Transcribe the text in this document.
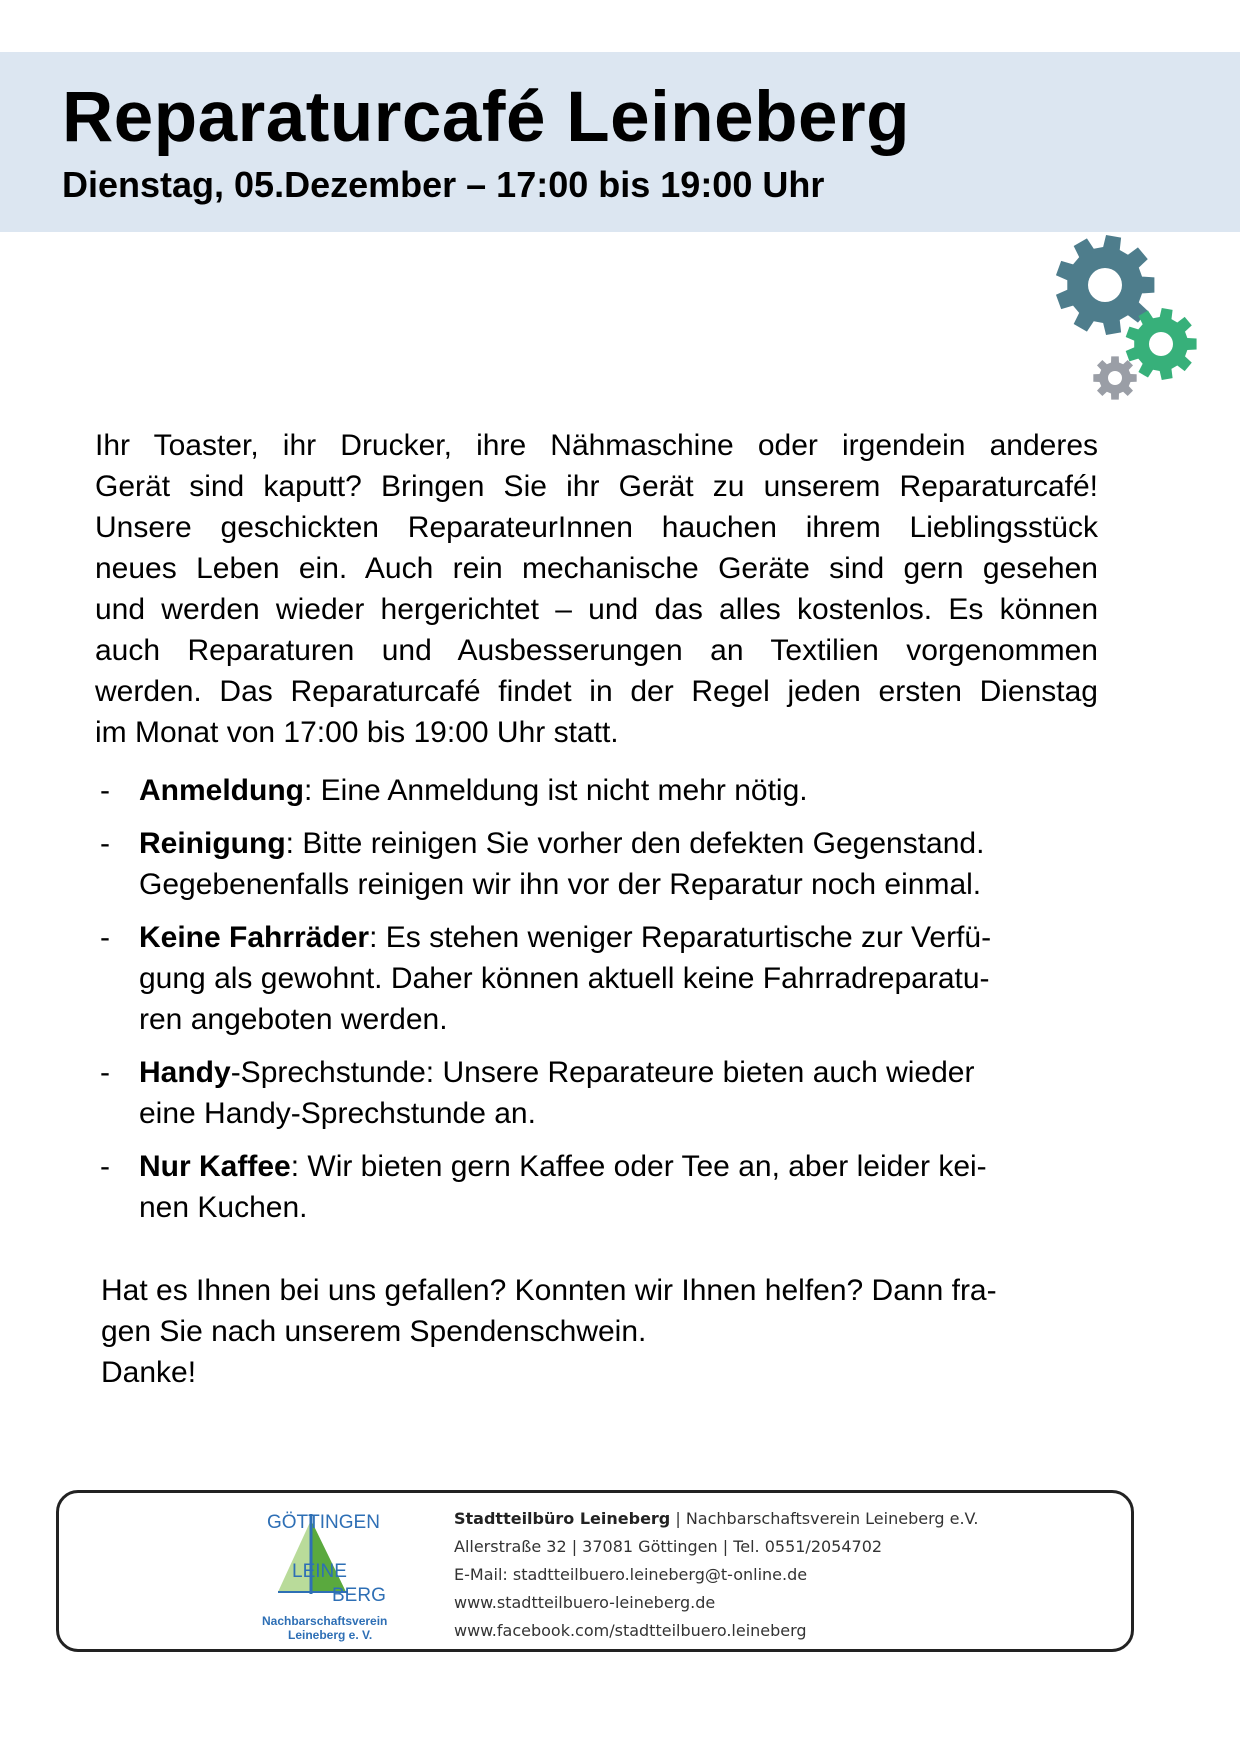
Reparaturcafé Leineberg
Dienstag, 05.Dezember – 17:00 bis 19:00 Uhr
Ihr Toaster, ihr Drucker, ihre Nähmaschine oder irgendein anderes
Gerät sind kaputt? Bringen Sie ihr Gerät zu unserem Reparaturcafé!
Unsere geschickten ReparateurInnen hauchen ihrem Lieblingsstück
neues Leben ein. Auch rein mechanische Geräte sind gern gesehen
und werden wieder hergerichtet – und das alles kostenlos. Es können
auch Reparaturen und Ausbesserungen an Textilien vorgenommen
werden. Das Reparaturcafé findet in der Regel jeden ersten Dienstag
im Monat von 17:00 bis 19:00 Uhr statt.
- Anmeldung: Eine Anmeldung ist nicht mehr nötig.
- Reinigung: Bitte reinigen Sie vorher den defekten Gegenstand.
Gegebenenfalls reinigen wir ihn vor der Reparatur noch einmal.
- Keine Fahrräder: Es stehen weniger Reparaturtische zur Verfü-
gung als gewohnt. Daher können aktuell keine Fahrradreparatu-
ren angeboten werden.
- Handy-Sprechstunde: Unsere Reparateure bieten auch wieder
eine Handy-Sprechstunde an.
- Nur Kaffee: Wir bieten gern Kaffee oder Tee an, aber leider kei-
nen Kuchen.
Hat es Ihnen bei uns gefallen? Konnten wir Ihnen helfen? Dann fra-
gen Sie nach unserem Spendenschwein.
Danke!
GÖTTINGEN
LEINE
BERG
Nachbarschaftsverein
Leineberg e. V.
Stadtteilbüro Leineberg | Nachbarschaftsverein Leineberg e.V.
Allerstraße 32 | 37081 Göttingen | Tel. 0551/2054702
E-Mail: stadtteilbuero.leineberg@t-online.de
www.stadtteilbuero-leineberg.de
www.facebook.com/stadtteilbuero.leineberg
